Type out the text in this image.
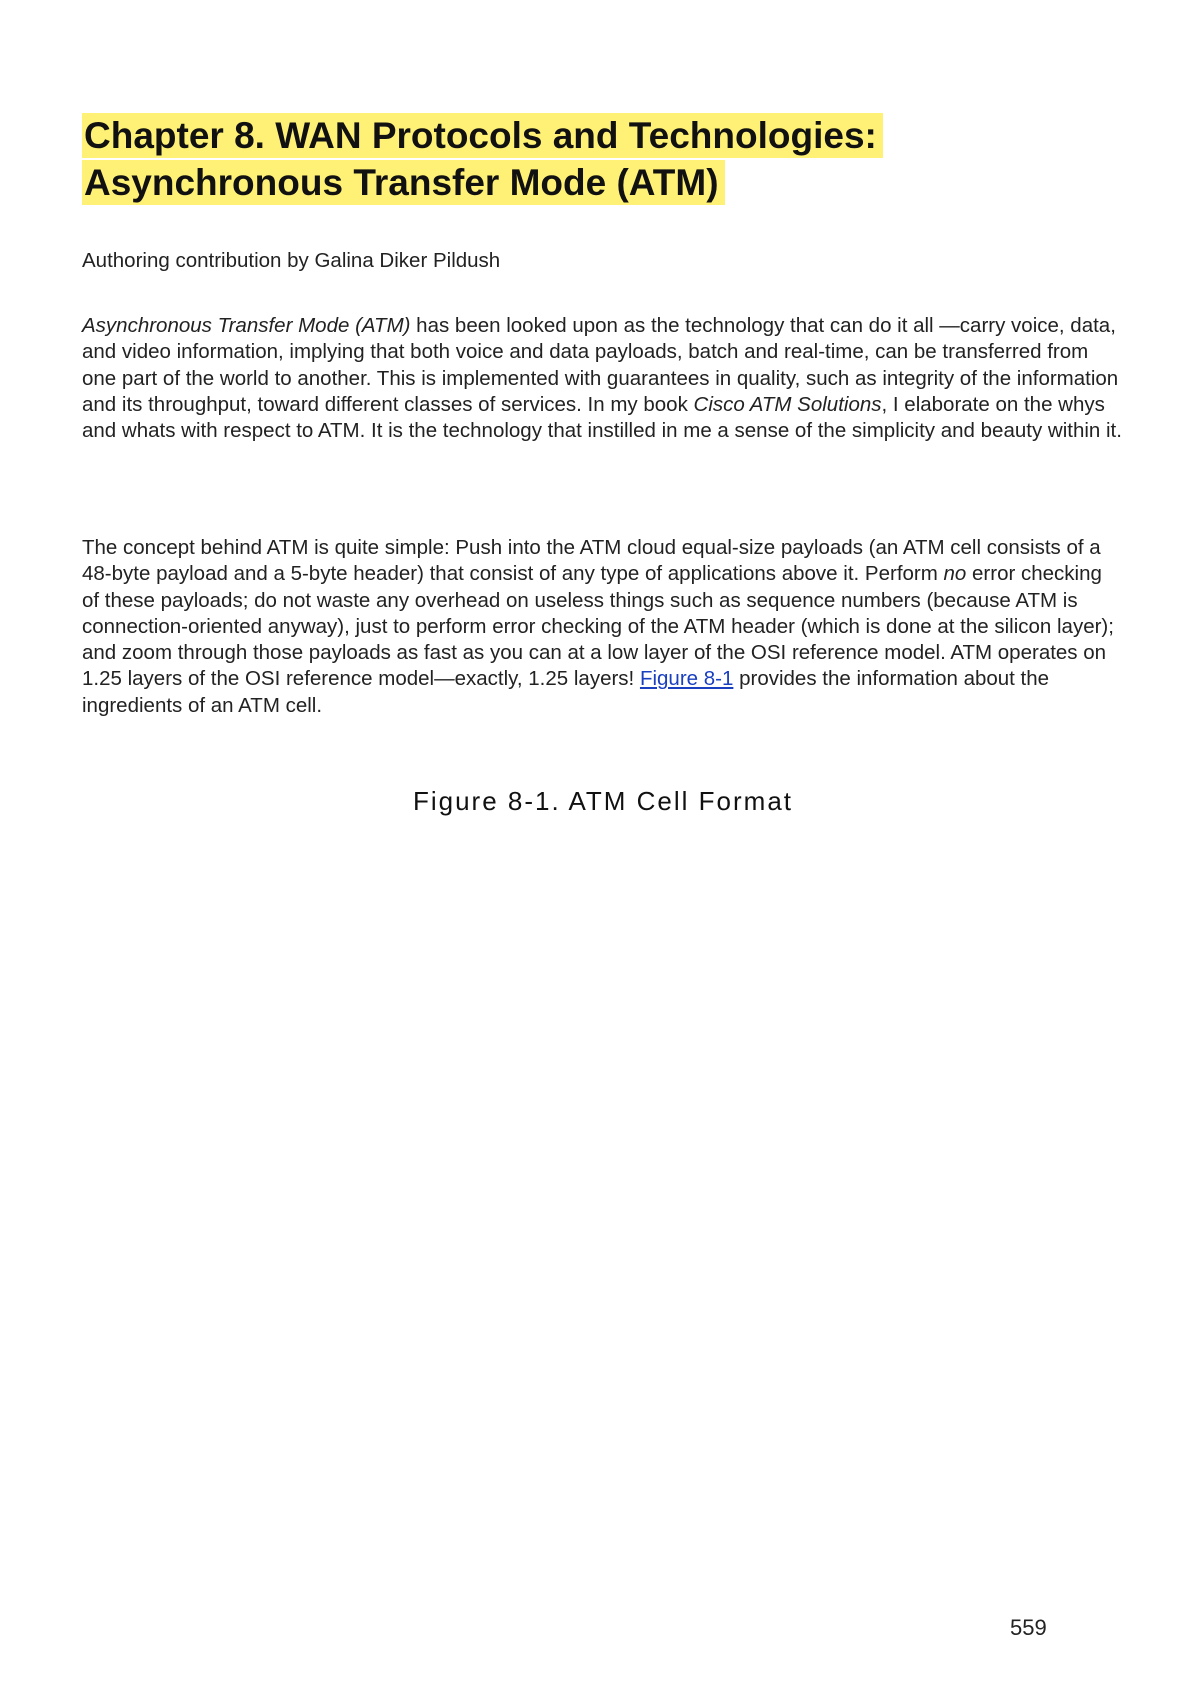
Chapter 8. WAN Protocols and Technologies:
Asynchronous Transfer Mode (ATM)

Authoring contribution by Galina Diker Pildush

Asynchronous Transfer Mode (ATM) has been looked upon as the technology that can do it all —carry voice, data, and video information, implying that both voice and data payloads, batch and real-time, can be transferred from one part of the world to another. This is implemented with guarantees in quality, such as integrity of the information and its throughput, toward different classes of services. In my book Cisco ATM Solutions, I elaborate on the whys and whats with respect to ATM. It is the technology that instilled in me a sense of the simplicity and beauty within it.

The concept behind ATM is quite simple: Push into the ATM cloud equal-size payloads (an ATM cell consists of a 48-byte payload and a 5-byte header) that consist of any type of applications above it. Perform no error checking of these payloads; do not waste any overhead on useless things such as sequence numbers (because ATM is connection-oriented anyway), just to perform error checking of the ATM header (which is done at the silicon layer); and zoom through those payloads as fast as you can at a low layer of the OSI reference model. ATM operates on 1.25 layers of the OSI reference model—exactly, 1.25 layers! Figure 8-1 provides the information about the ingredients of an ATM cell.

Figure 8-1. ATM Cell Format

559
